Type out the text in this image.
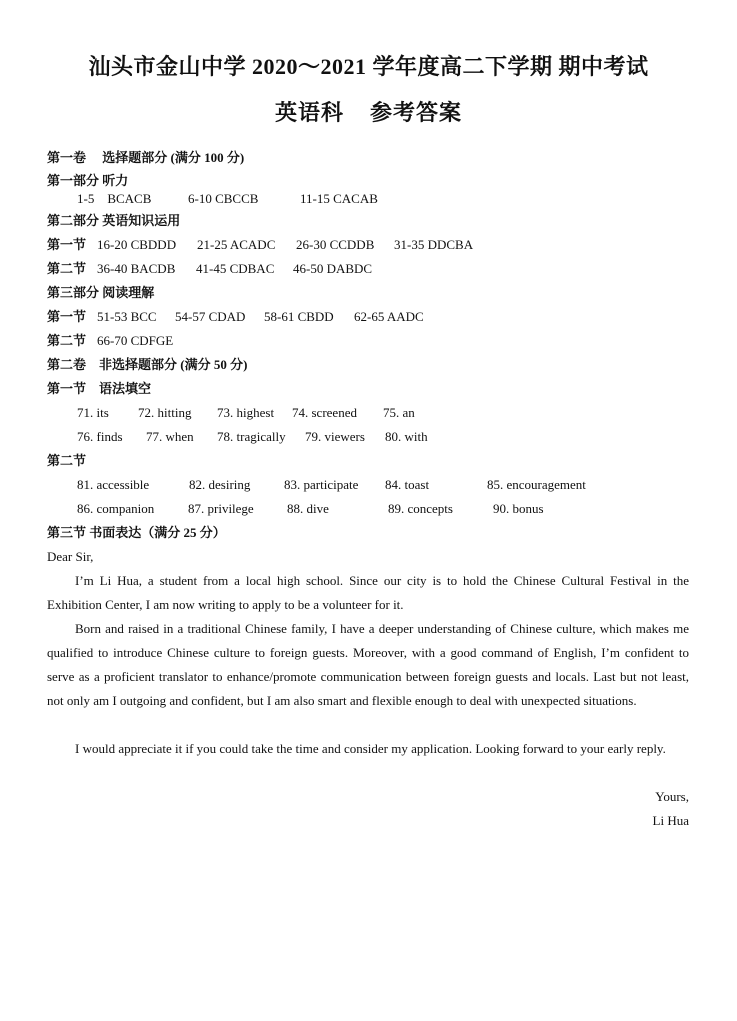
汕头市金山中学 2020～2021 学年度高二下学期 期中考试
英语科 参考答案
第一卷　 选择题部分 (满分 100 分)
第一部分 听力
1-5　BCACB	6-10 CBCCB	11-15 CACAB
第二部分 英语知识运用
第一节 16-20 CBDDD 21-25 ACADC 26-30 CCDDB 31-35 DDCBA
第二节 36-40 BACDB 41-45 CDBAC 46-50 DABDC
第三部分 阅读理解
第一节 51-53 BCC 54-57 CDAD 58-61 CBDD 62-65 AADC
第二节 66-70 CDFGE
第二卷　非选择题部分 (满分 50 分)
第一节　语法填空
71. its 72. hitting 73. highest 74. screened 75. an
76. finds 77. when 78. tragically 79. viewers 80. with
第二节
81. accessible	82. desiring	83. participate 84. toast	85. encouragement
86. companion	87. privilege	88. dive	89. concepts	90. bonus
第三节 书面表达（满分 25 分）
Dear Sir,
I’m Li Hua, a student from a local high school. Since our city is to hold the Chinese Cultural Festival in the Exhibition Center, I am now writing to apply to be a volunteer for it.
Born and raised in a traditional Chinese family, I have a deeper understanding of Chinese culture, which makes me qualified to introduce Chinese culture to foreign guests. Moreover, with a good command of English, I’m confident to serve as a proficient translator to enhance/promote communication between foreign guests and locals. Last but not least, not only am I outgoing and confident, but I am also smart and flexible enough to deal with unexpected situations.
I would appreciate it if you could take the time and consider my application. Looking forward to your early reply.
Yours,
Li Hua
